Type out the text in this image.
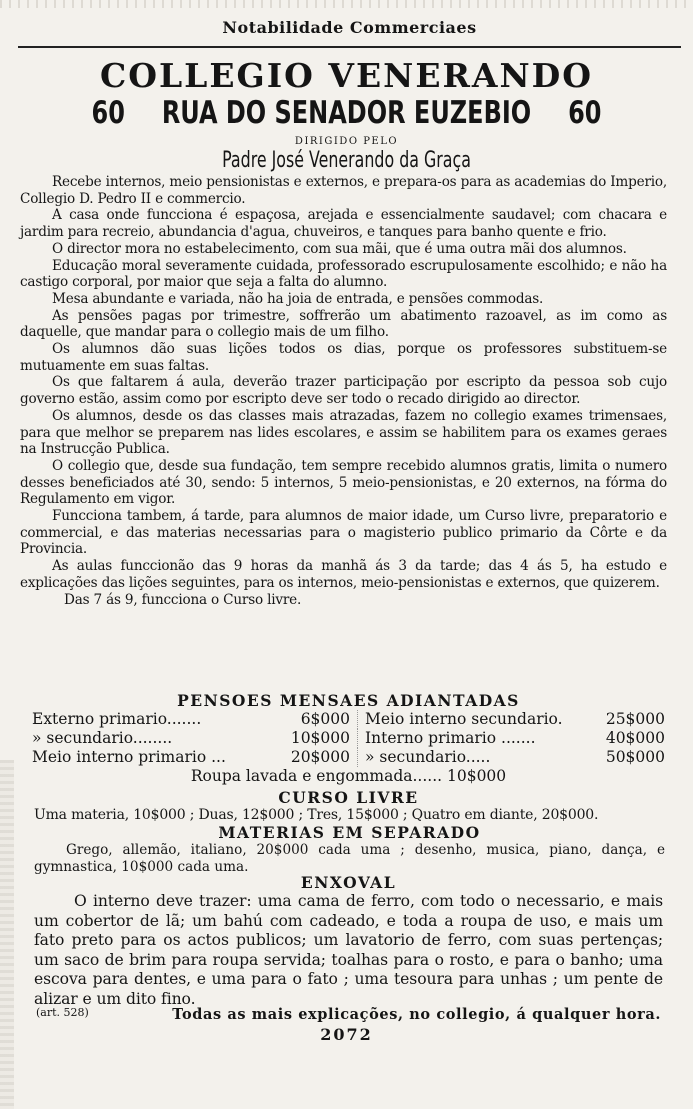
Notabilidade Commerciaes
COLLEGIO VENERANDO
60 RUA DO SENADOR EUZEBIO 60
DIRIGIDO PELO
Padre José Venerando da Graça

Recebe internos, meio pensionistas e externos, e prepara-os para as academias do Imperio, Collegio D. Pedro II e commercio.

A casa onde funcciona é espaçosa, arejada e essencialmente saudavel; com chacara e jardim para recreio, abundancia d'agua, chuveiros, e tanques para banho quente e frio.

O director mora no estabelecimento, com sua mãi, que é uma outra mãi dos alumnos.

Educação moral severamente cuidada, professorado escrupulosamente escolhido; e não ha castigo corporal, por maior que seja a falta do alumno.

Mesa abundante e variada, não ha joia de entrada, e pensões commodas.

As pensões pagas por trimestre, soffrerão um abatimento razoavel, as im como as daquelle, que mandar para o collegio mais de um filho.

Os alumnos dão suas lições todos os dias, porque os professores substituem-se mutuamente em suas faltas.

Os que faltarem á aula, deverão trazer participação por escripto da pessoa sob cujo governo estão, assim como por escripto deve ser todo o recado dirigido ao director.

Os alumnos, desde os das classes mais atrazadas, fazem no collegio exames trimensaes, para que melhor se preparem nas lides escolares, e assim se habilitem para os exames geraes na Instrucção Publica.

O collegio que, desde sua fundação, tem sempre recebido alumnos gratis, limita o numero desses beneficiados até 30, sendo: 5 internos, 5 meio-pensionistas, e 20 externos, na fórma do Regulamento em vigor.

Funcciona tambem, á tarde, para alumnos de maior idade, um Curso livre, preparatorio e commercial, e das materias necessarias para o magisterio publico primario da Côrte e da Provincia.

As aulas funccionão das 9 horas da manhã ás 3 da tarde; das 4 ás 5, ha estudo e explicações das lições seguintes, para os internos, meio-pensionistas e externos, que quizerem.

Das 7 ás 9, funcciona o Curso livre.

PENSOES MENSAES ADIANTADAS
Externo primario.......	6$000 Meio interno secundario.	25$000
» secundario........	10$000 Interno primario .......	40$000
Meio interno primario ...	20$000 » secundario.....	50$000
Roupa lavada e engommada...... 10$000
CURSO LIVRE
Uma materia, 10$000 ; Duas, 12$000 ; Tres, 15$000 ; Quatro em diante, 20$000.
MATERIAS EM SEPARADO

Grego, allemão, italiano, 20$000 cada uma ; desenho, musica, piano, dança, e gymnastica, 10$000 cada uma.

ENXOVAL

O interno deve trazer: uma cama de ferro, com todo o necessario, e mais um cobertor de lã; um bahú com cadeado, e toda a roupa de uso, e mais um fato preto para os actos publicos; um lavatorio de ferro, com suas pertenças; um saco de brim para roupa servida; toalhas para o rosto, e para o banho; uma escova para dentes, e uma para o fato ; uma tesoura para unhas ; um pente de alizar e um dito fino.

(art. 528)	Todas as mais explicações, no collegio, á qualquer hora.
2072
